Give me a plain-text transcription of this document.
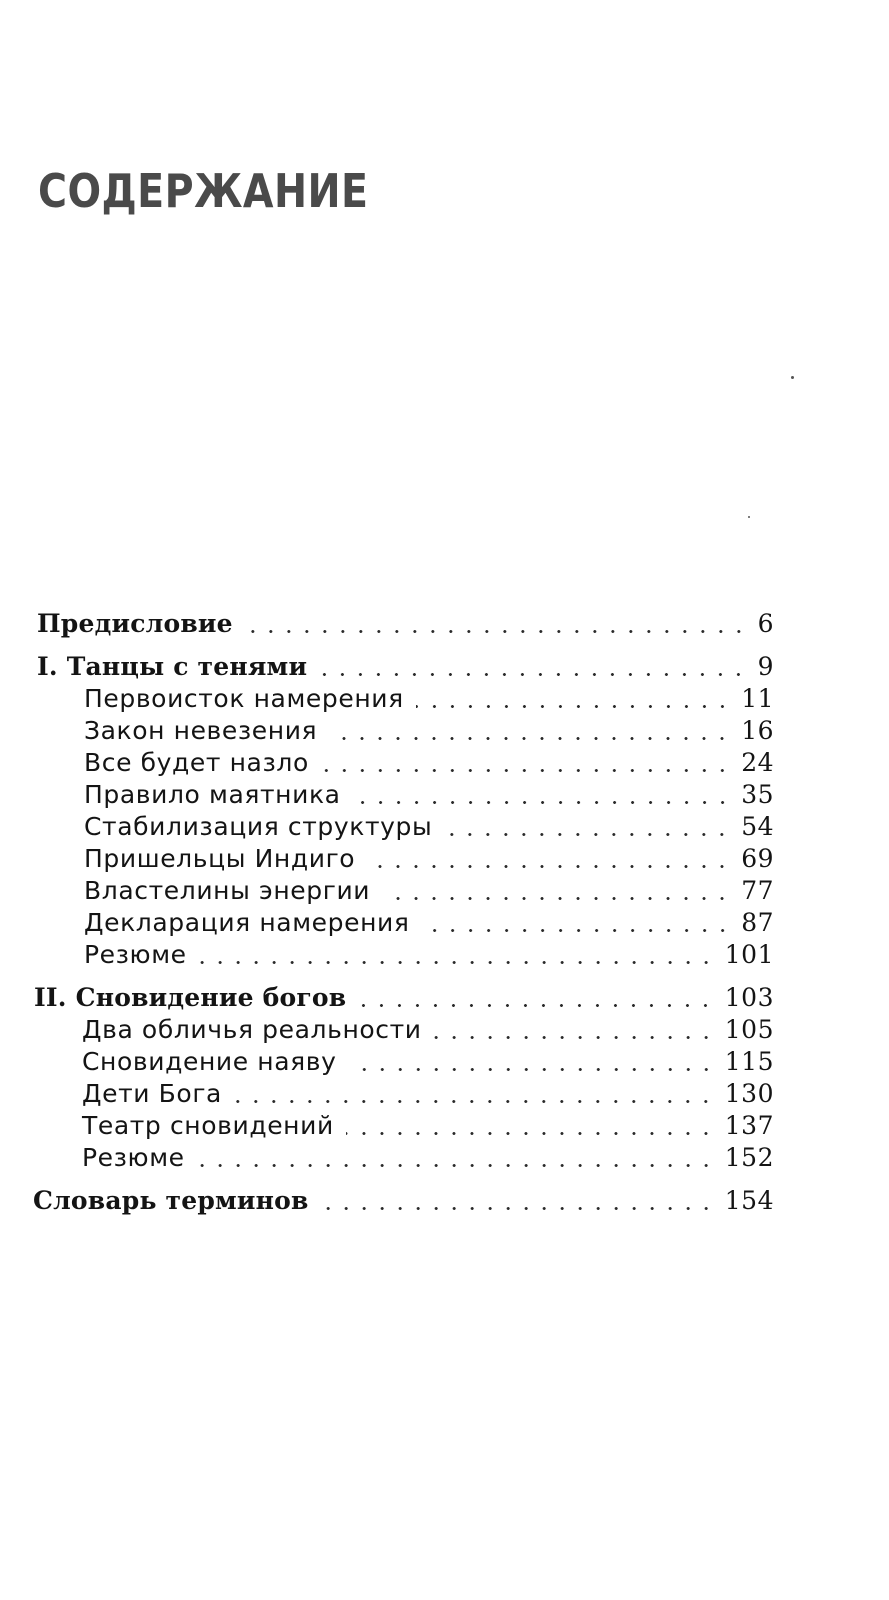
СОДЕРЖАНИЕ
Предисловие	6
I. Танцы с тенями	9
Первоисток намерения	11
Закон невезения	16
Все будет назло	24
Правило маятника	35
Стабилизация структуры	54
Пришельцы Индиго	69
Властелины энергии	77
Декларация намерения	87
Резюме	101
II. Сновидение богов	103
Два обличья реальности	105
Сновидение наяву	115
Дети Бога	130
Театр сновидений	137
Резюме	152
Словарь терминов	154
